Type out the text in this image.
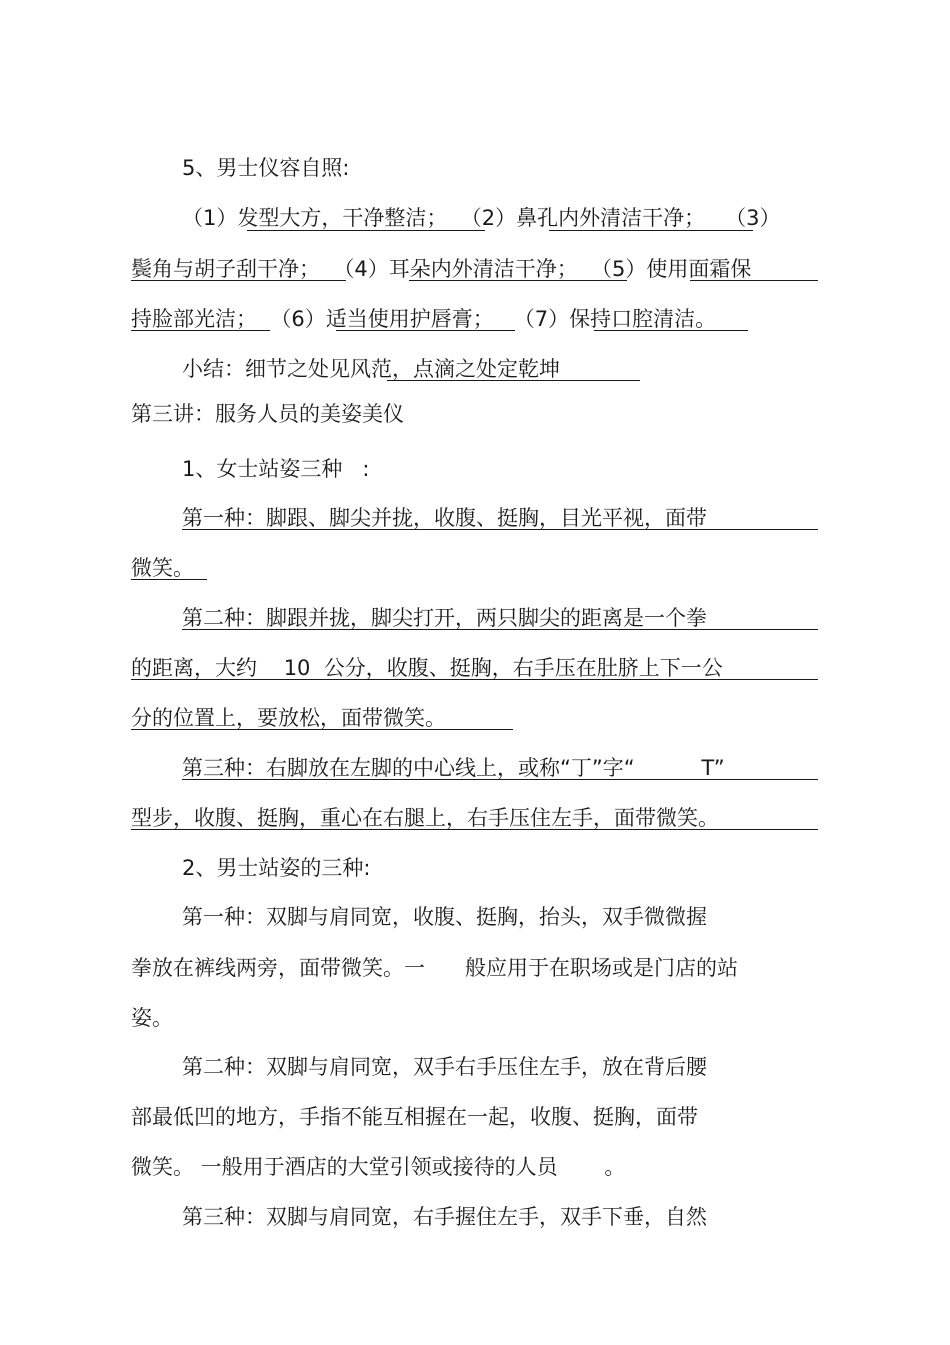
5、男士仪容自照:
（1）发型大方，干净整洁；  （2）鼻孔内外清洁干净；   （3）
鬓角与胡子刮干净；  （4）耳朵内外清洁干净；  （5）使用面霜保
持脸部光洁；  （6）适当使用护唇膏；   （7）保持口腔清洁。
小结：细节之处见风范，点滴之处定乾坤
第三讲：服务人员的美姿美仪
1、女士站姿三种   :
第一种：脚跟、脚尖并拢，收腹、挺胸，目光平视，面带
微笑。
第二种：脚跟并拢，脚尖打开，两只脚尖的距离是一个拳
的距离，大约    10  公分，收腹、挺胸，右手压在肚脐上下一公
分的位置上，要放松，面带微笑。
第三种：右脚放在左脚的中心线上，或称“丁”字“          T”
型步，收腹、挺胸，重心在右腿上，右手压住左手，面带微笑。
2、男士站姿的三种:
第一种：双脚与肩同宽，收腹、挺胸，抬头，双手微微握
拳放在裤线两旁，面带微笑。一      般应用于在职场或是门店的站
姿。
第二种：双脚与肩同宽，双手右手压住左手，放在背后腰
部最低凹的地方，手指不能互相握在一起，收腹、挺胸，面带
微笑。 一般用于酒店的大堂引领或接待的人员       。
第三种：双脚与肩同宽，右手握住左手，双手下垂，自然
